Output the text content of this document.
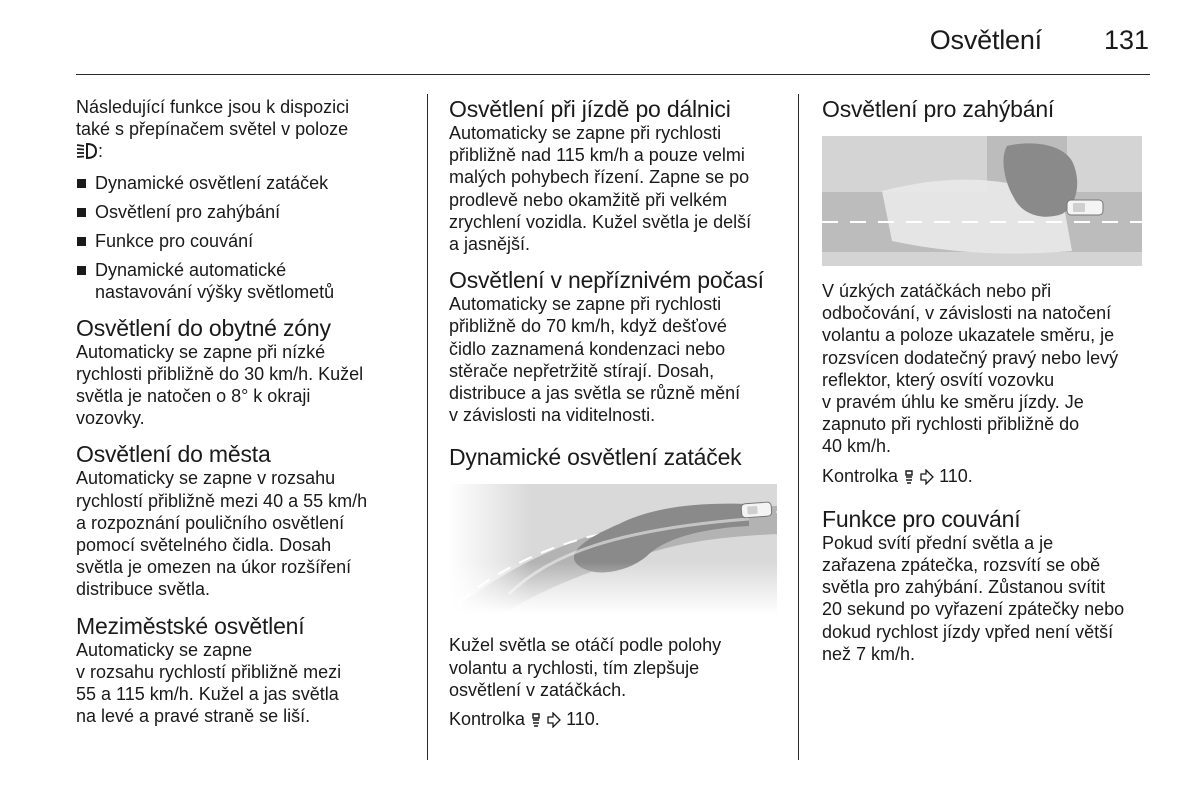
Osvětlení 131

Následující funkce jsou k dispozici
také s přepínačem světel v poloze
:

Dynamické osvětlení zatáček
Osvětlení pro zahýbání
Funkce pro couvání
Dynamické automatické
nastavování výšky světlometů
Osvětlení do obytné zóny

Automaticky se zapne při nízké
rychlosti přibližně do 30 km/h. Kužel
světla je natočen o 8° k okraji
vozovky.

Osvětlení do města

Automaticky se zapne v rozsahu
rychlostí přibližně mezi 40 a 55 km/h
a rozpoznání pouličního osvětlení
pomocí světelného čidla. Dosah
světla je omezen na úkor rozšíření
distribuce světla.

Meziměstské osvětlení

Automaticky se zapne
v rozsahu rychlostí přibližně mezi
55 a 115 km/h. Kužel a jas světla
na levé a pravé straně se liší.

Osvětlení při jízdě po dálnici

Automaticky se zapne při rychlosti
přibližně nad 115 km/h a pouze velmi
malých pohybech řízení. Zapne se po
prodlevě nebo okamžitě při velkém
zrychlení vozidla. Kužel světla je delší
a jasnější.

Osvětlení v nepříznivém počasí

Automaticky se zapne při rychlosti
přibližně do 70 km/h, když dešťové
čidlo zaznamená kondenzaci nebo
stěrače nepřetržitě stírají. Dosah,
distribuce a jas světla se různě mění
v závislosti na viditelnosti.

Dynamické osvětlení zatáček

Kužel světla se otáčí podle polohy
volantu a rychlosti, tím zlepšuje
osvětlení v zatáčkách.

Kontrolka 110.

Osvětlení pro zahýbání

V úzkých zatáčkách nebo při
odbočování, v závislosti na natočení
volantu a poloze ukazatele směru, je
rozsvícen dodatečný pravý nebo levý
reflektor, který osvítí vozovku
v pravém úhlu ke směru jízdy. Je
zapnuto při rychlosti přibližně do
40 km/h.

Kontrolka 110.

Funkce pro couvání

Pokud svítí přední světla a je
zařazena zpátečka, rozsvítí se obě
světla pro zahýbání. Zůstanou svítit
20 sekund po vyřazení zpátečky nebo
dokud rychlost jízdy vpřed není větší
než 7 km/h.
